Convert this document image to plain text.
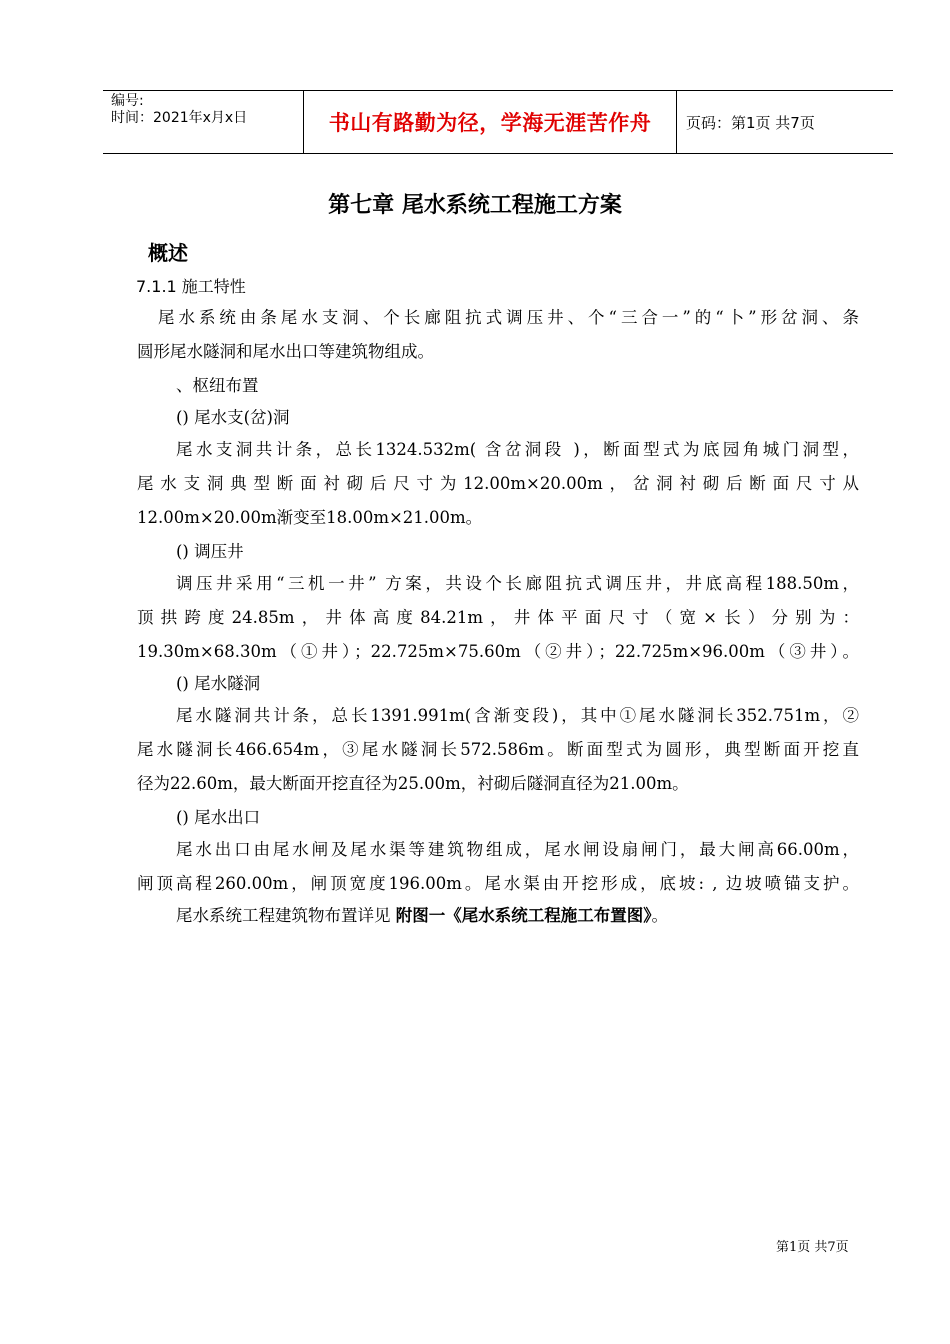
编号:
时间：2021年x月x日	书山有路勤为径，学海无涯苦作舟	页码：第1页 共7页
第七章 尾水系统工程施工方案
概述
7.1.1 施工特性
尾水系统由条尾水支洞、个长廊阻抗式调压井、个“三合一”的“卜”形岔洞、条
圆形尾水隧洞和尾水出口等建筑物组成。
、枢纽布置
() 尾水支(岔)洞
尾水支洞共计条，总长1324.532m( 含岔洞段 )，断面型式为底园角城门洞型，
尾水支洞典型断面衬砌后尺寸为12.00m×20.00m，岔洞衬砌后断面尺寸从
12.00m×20.00m渐变至18.00m×21.00m。
() 调压井
调压井采用“三机一井” 方案，共设个长廊阻抗式调压井，井底高程188.50m，
顶拱跨度24.85m，井体高度84.21m，井体平面尺寸（宽×长）分别为：
19.30m×68.30m（①井）；22.725m×75.60m（②井）；22.725m×96.00m（③井）。
() 尾水隧洞
尾水隧洞共计条，总长1391.991m(含渐变段)，其中①尾水隧洞长352.751m，②
尾水隧洞长466.654m，③尾水隧洞长572.586m。断面型式为圆形，典型断面开挖直
径为22.60m，最大断面开挖直径为25.00m，衬砌后隧洞直径为21.00m。
() 尾水出口
尾水出口由尾水闸及尾水渠等建筑物组成，尾水闸设扇闸门，最大闸高66.00m，
闸顶高程260.00m，闸顶宽度196.00m。尾水渠由开挖形成，底坡: , 边坡喷锚支护。
尾水系统工程建筑物布置详见 附图一《尾水系统工程施工布置图》。
第1页 共7页
